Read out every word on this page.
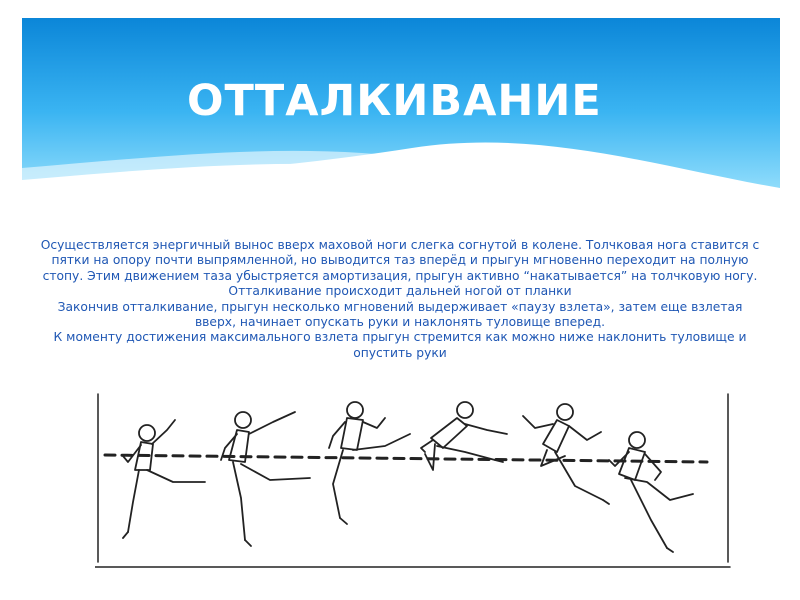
ОТТАЛКИВАНИЕ

Осуществляется энергичный вынос вверх маховой ноги слегка согнутой в колене. Толчковая нога ставится с пятки на опору почти выпрямленной, но выводится таз вперёд и прыгун мгновенно переходит на полную стопу. Этим движением таза убыстряется амортизация, прыгун активно “накатывается” на толчковую ногу. Отталкивание происходит дальней ногой от планки

Закончив отталкивание, прыгун несколько мгновений выдерживает «паузу взлета», затем еще взлетая вверх, начинает опускать руки и наклонять туловище вперед.

К моменту достижения максимального взлета прыгун стремится как можно ниже наклонить туловище и опустить руки
